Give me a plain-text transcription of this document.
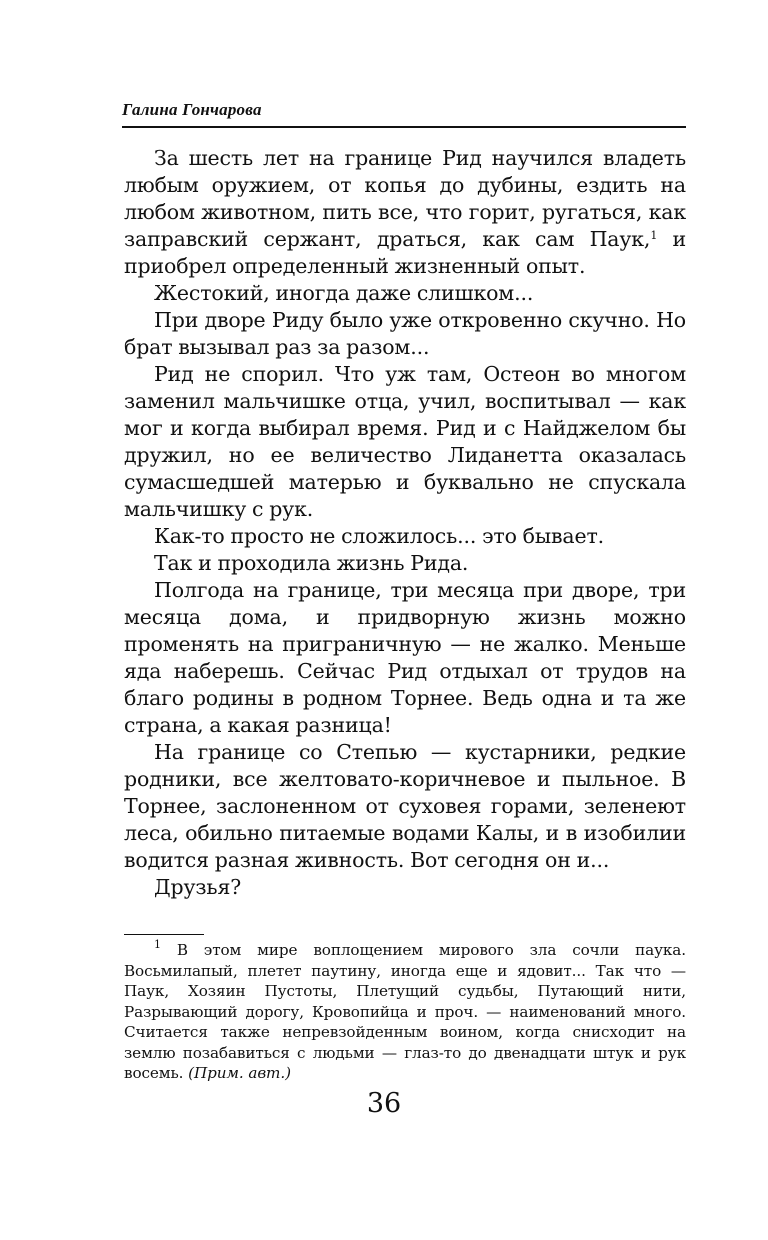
Галина Гончарова

За шесть лет на границе Рид научился владеть любым оружием, от копья до дубины, ездить на любом животном, пить все, что горит, ругаться, как заправский сержант, драться, как сам Паук,$^1$ и приобрел определенный жизненный опыт.

Жестокий, иногда даже слишком...

При дворе Риду было уже откровенно скучно. Но брат вызывал раз за разом...

Рид не спорил. Что уж там, Остеон во многом заменил мальчишке отца, учил, воспитывал — как мог и когда выбирал время. Рид и с Найджелом бы дружил, но ее величество Лиданетта оказалась сумасшедшей матерью и буквально не спускала мальчишку с рук.

Как-то просто не сложилось... это бывает.

Так и проходила жизнь Рида.

Полгода на границе, три месяца при дворе, три месяца дома, и придворную жизнь можно променять на приграничную — не жалко. Меньше яда наберешь. Сейчас Рид отдыхал от трудов на благо родины в родном Торнее. Ведь одна и та же страна, а какая разница!

На границе со Степью — кустарники, редкие родники, все желтовато-коричневое и пыльное. В Торнее, заслоненном от суховея горами, зеленеют леса, обильно питаемые водами Калы, и в изобилии водится разная живность. Вот сегодня он и...

Друзья?

$^1$ В этом мире воплощением мирового зла сочли паука. Восьмилапый, плетет паутину, иногда еще и ядовит... Так что — Паук, Хозяин Пустоты, Плетущий судьбы, Путающий нити, Разрывающий дорогу, Кровопийца и проч. — наименований много. Считается также непревзойденным воином, когда снисходит на землю позабавиться с людьми — глаз-то до двенадцати штук и рук восемь. (Прим. авт.)

36
